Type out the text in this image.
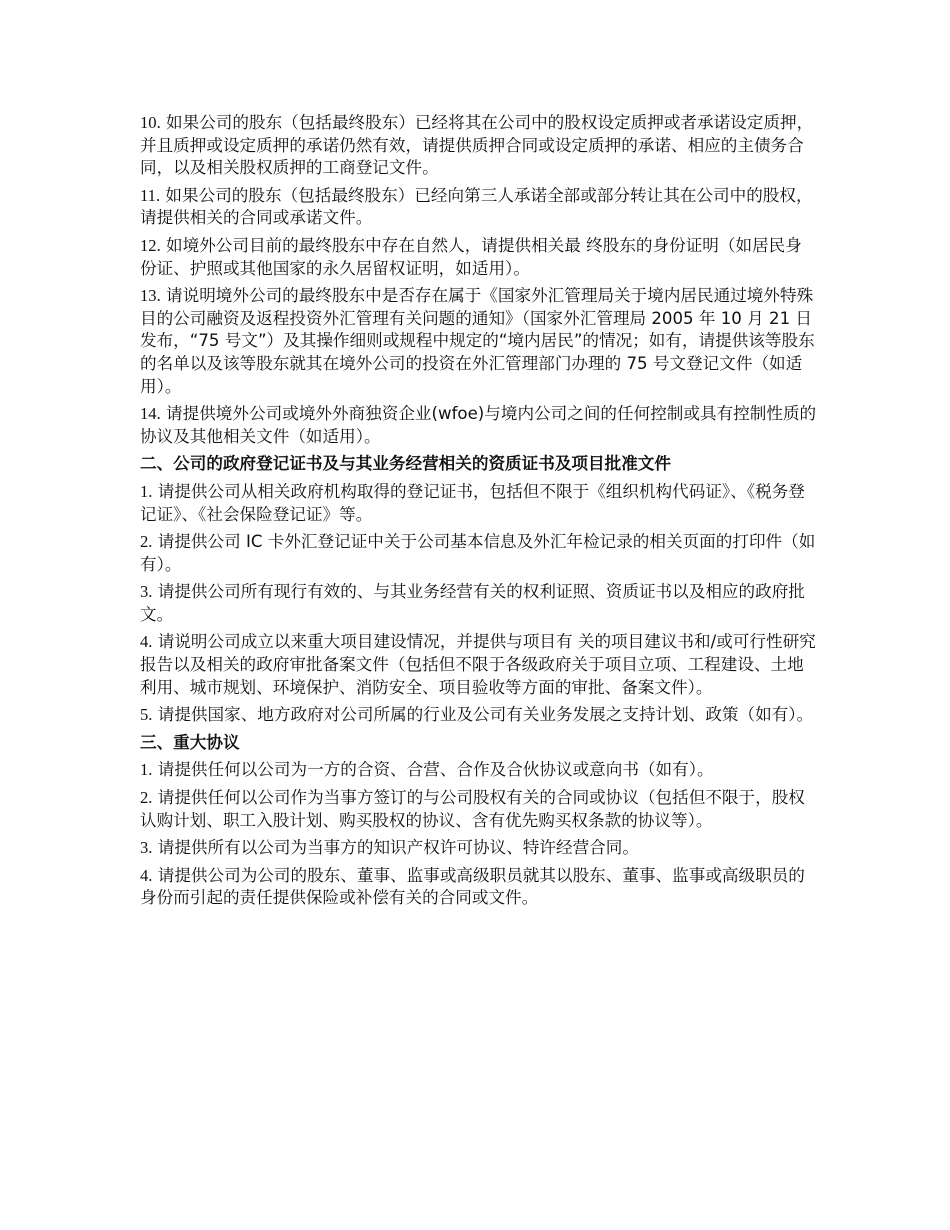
10. 如果公司的股东（包括最终股东）已经将其在公司中的股权设定质押或者承诺设定质押，并且质押或设定质押的承诺仍然有效，请提供质押合同或设定质押的承诺、相应的主债务合同，以及相关股权质押的工商登记文件。

11. 如果公司的股东（包括最终股东）已经向第三人承诺全部或部分转让其在公司中的股权，请提供相关的合同或承诺文件。

12. 如境外公司目前的最终股东中存在自然人，请提供相关最 终股东的身份证明（如居民身份证、护照或其他国家的永久居留权证明，如适用）。

13. 请说明境外公司的最终股东中是否存在属于《国家外汇管理局关于境内居民通过境外特殊目的公司融资及返程投资外汇管理有关问题的通知》（国家外汇管理局 2005 年 10 月 21 日发布，“75 号文”）及其操作细则或规程中规定的“境内居民”的情况；如有，请提供该等股东的名单以及该等股东就其在境外公司的投资在外汇管理部门办理的 75 号文登记文件（如适用）。

14. 请提供境外公司或境外外商独资企业(wfoe)与境内公司之间的任何控制或具有控制性质的协议及其他相关文件（如适用）。

二、公司的政府登记证书及与其业务经营相关的资质证书及项目批准文件

1. 请提供公司从相关政府机构取得的登记证书，包括但不限于《组织机构代码证》、《税务登记证》、《社会保险登记证》等。

2. 请提供公司 IC 卡外汇登记证中关于公司基本信息及外汇年检记录的相关页面的打印件（如有）。

3. 请提供公司所有现行有效的、与其业务经营有关的权利证照、资质证书以及相应的政府批文。

4. 请说明公司成立以来重大项目建设情况，并提供与项目有 关的项目建议书和/或可行性研究报告以及相关的政府审批备案文件（包括但不限于各级政府关于项目立项、工程建设、土地利用、城市规划、环境保护、消防安全、项目验收等方面的审批、备案文件）。

5. 请提供国家、地方政府对公司所属的行业及公司有关业务发展之支持计划、政策（如有）。

三、重大协议

1. 请提供任何以公司为一方的合资、合营、合作及合伙协议或意向书（如有）。

2. 请提供任何以公司作为当事方签订的与公司股权有关的合同或协议（包括但不限于，股权认购计划、职工入股计划、购买股权的协议、含有优先购买权条款的协议等）。

3. 请提供所有以公司为当事方的知识产权许可协议、特许经营合同。

4. 请提供公司为公司的股东、董事、监事或高级职员就其以股东、董事、监事或高级职员的身份而引起的责任提供保险或补偿有关的合同或文件。
